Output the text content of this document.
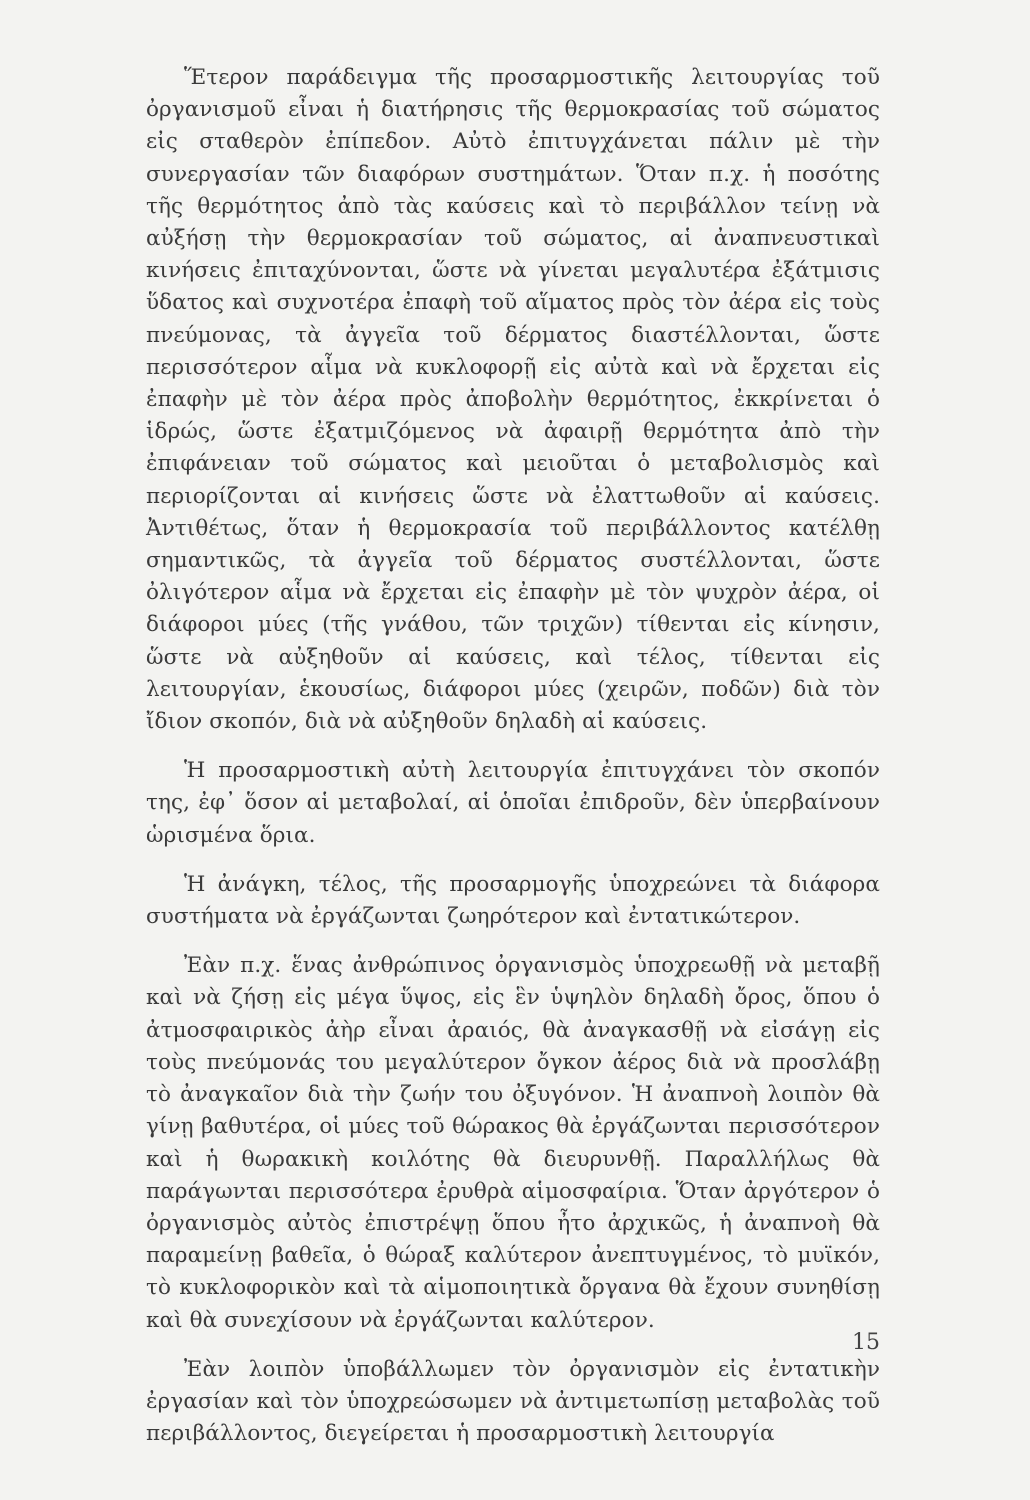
Ἕτερον παράδειγμα τῆς προσαρμοστικῆς λειτουργίας τοῦ ὀργανισμοῦ εἶναι ἡ διατήρησις τῆς θερμοκρασίας τοῦ σώματος εἰς σταθερὸν ἐπίπεδον. Αὐτὸ ἐπιτυγχάνεται πάλιν μὲ τὴν συνεργασίαν τῶν διαφόρων συστημάτων. Ὅταν π.χ. ἡ ποσότης τῆς θερμότητος ἀπὸ τὰς καύσεις καὶ τὸ περιβάλλον τείνῃ νὰ αὐξήσῃ τὴν θερμοκρασίαν τοῦ σώματος, αἱ ἀναπνευστικαὶ κινήσεις ἐπιταχύνονται, ὥστε νὰ γίνεται μεγαλυτέρα ἐξάτμισις ὕδατος καὶ συχνοτέρα ἐπαφὴ τοῦ αἵματος πρὸς τὸν ἀέρα εἰς τοὺς πνεύμονας, τὰ ἀγγεῖα τοῦ δέρματος διαστέλλονται, ὥστε περισσότερον αἷμα νὰ κυκλοφορῇ εἰς αὐτὰ καὶ νὰ ἔρχεται εἰς ἐπαφὴν μὲ τὸν ἀέρα πρὸς ἀποβολὴν θερμότητος, ἐκκρίνεται ὁ ἱδρώς, ὥστε ἐξατμιζόμενος νὰ ἀφαιρῇ θερμότητα ἀπὸ τὴν ἐπιφάνειαν τοῦ σώματος καὶ μειοῦται ὁ μεταβολισμὸς καὶ περιορίζονται αἱ κινήσεις ὥστε νὰ ἐλαττωθοῦν αἱ καύσεις. Ἀντιθέτως, ὅταν ἡ θερμοκρασία τοῦ περιβάλλοντος κατέλθῃ σημαντικῶς, τὰ ἀγγεῖα τοῦ δέρματος συστέλλονται, ὥστε ὀλιγότερον αἷμα νὰ ἔρχεται εἰς ἐπαφὴν μὲ τὸν ψυχρὸν ἀέρα, οἱ διάφοροι μύες (τῆς γνάθου, τῶν τριχῶν) τίθενται εἰς κίνησιν, ὥστε νὰ αὐξηθοῦν αἱ καύσεις, καὶ τέλος, τίθενται εἰς λειτουργίαν, ἑκουσίως, διάφοροι μύες (χειρῶν, ποδῶν) διὰ τὸν ἴδιον σκοπόν, διὰ νὰ αὐξηθοῦν δηλαδὴ αἱ καύσεις.

Ἡ προσαρμοστικὴ αὐτὴ λειτουργία ἐπιτυγχάνει τὸν σκοπόν της, ἐφ᾽ ὅσον αἱ μεταβολαί, αἱ ὁποῖαι ἐπιδροῦν, δὲν ὑπερβαίνουν ὡρισμένα ὅρια.

Ἡ ἀνάγκη, τέλος, τῆς προσαρμογῆς ὑποχρεώνει τὰ διάφορα συστήματα νὰ ἐργάζωνται ζωηρότερον καὶ ἐντατικώτερον.

Ἐὰν π.χ. ἕνας ἀνθρώπινος ὀργανισμὸς ὑποχρεωθῇ νὰ μεταβῇ καὶ νὰ ζήσῃ εἰς μέγα ὕψος, εἰς ἓν ὑψηλὸν δηλαδὴ ὄρος, ὅπου ὁ ἀτμοσφαιρικὸς ἀὴρ εἶναι ἀραιός, θὰ ἀναγκασθῇ νὰ εἰσάγῃ εἰς τοὺς πνεύμονάς του μεγαλύτερον ὄγκον ἀέρος διὰ νὰ προσλάβῃ τὸ ἀναγκαῖον διὰ τὴν ζωήν του ὀξυγόνον. Ἡ ἀναπνοὴ λοιπὸν θὰ γίνῃ βαθυτέρα, οἱ μύες τοῦ θώρακος θὰ ἐργάζωνται περισσότερον καὶ ἡ θωρακικὴ κοιλότης θὰ διευρυνθῇ. Παραλλήλως θὰ παράγωνται περισσότερα ἐρυθρὰ αἱμοσφαίρια. Ὅταν ἀργότερον ὁ ὀργανισμὸς αὐτὸς ἐπιστρέψῃ ὅπου ἦτο ἀρχικῶς, ἡ ἀναπνοὴ θὰ παραμείνῃ βαθεῖα, ὁ θώραξ καλύτερον ἀνεπτυγμένος, τὸ μυϊκόν, τὸ κυκλοφορικὸν καὶ τὰ αἱμοποιητικὰ ὄργανα θὰ ἔχουν συνηθίσῃ καὶ θὰ συνεχίσουν νὰ ἐργάζωνται καλύτερον.

Ἐὰν λοιπὸν ὑποβάλλωμεν τὸν ὀργανισμὸν εἰς ἐντατικὴν ἐργασίαν καὶ τὸν ὑποχρεώσωμεν νὰ ἀντιμετωπίσῃ μεταβολὰς τοῦ περιβάλλοντος, διεγείρεται ἡ προσαρμοστικὴ λειτουργία

15
